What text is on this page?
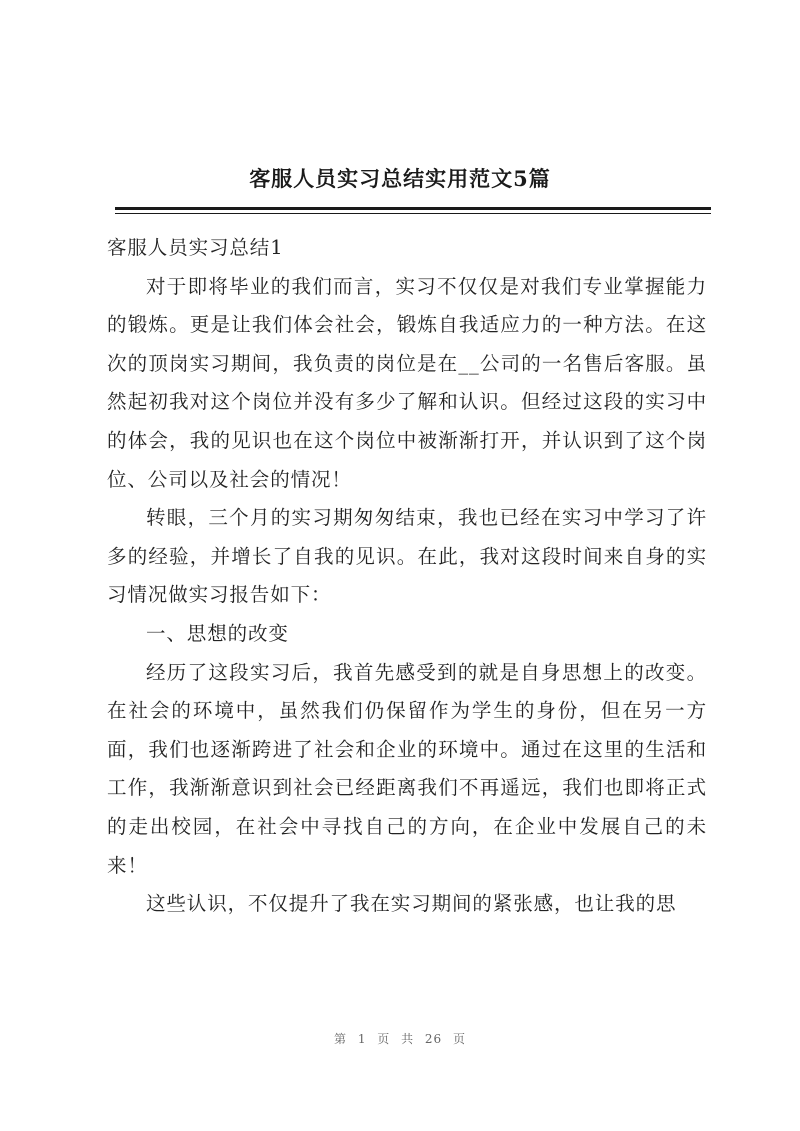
客服人员实习总结实用范文5篇

客服人员实习总结1

对于即将毕业的我们而言，实习不仅仅是对我们专业掌握能力的锻炼。更是让我们体会社会，锻炼自我适应力的一种方法。在这次的顶岗实习期间，我负责的岗位是在__公司的一名售后客服。虽然起初我对这个岗位并没有多少了解和认识。但经过这段的实习中的体会，我的见识也在这个岗位中被渐渐打开，并认识到了这个岗位、公司以及社会的情况！

转眼，三个月的实习期匆匆结束，我也已经在实习中学习了许多的经验，并增长了自我的见识。在此，我对这段时间来自身的实习情况做实习报告如下：

一、思想的改变

经历了这段实习后，我首先感受到的就是自身思想上的改变。在社会的环境中，虽然我们仍保留作为学生的身份，但在另一方面，我们也逐渐跨进了社会和企业的环境中。通过在这里的生活和工作，我渐渐意识到社会已经距离我们不再遥远，我们也即将正式的走出校园，在社会中寻找自己的方向，在企业中发展自己的未来！

这些认识，不仅提升了我在实习期间的紧张感，也让我的思

第 1 页 共 26 页
